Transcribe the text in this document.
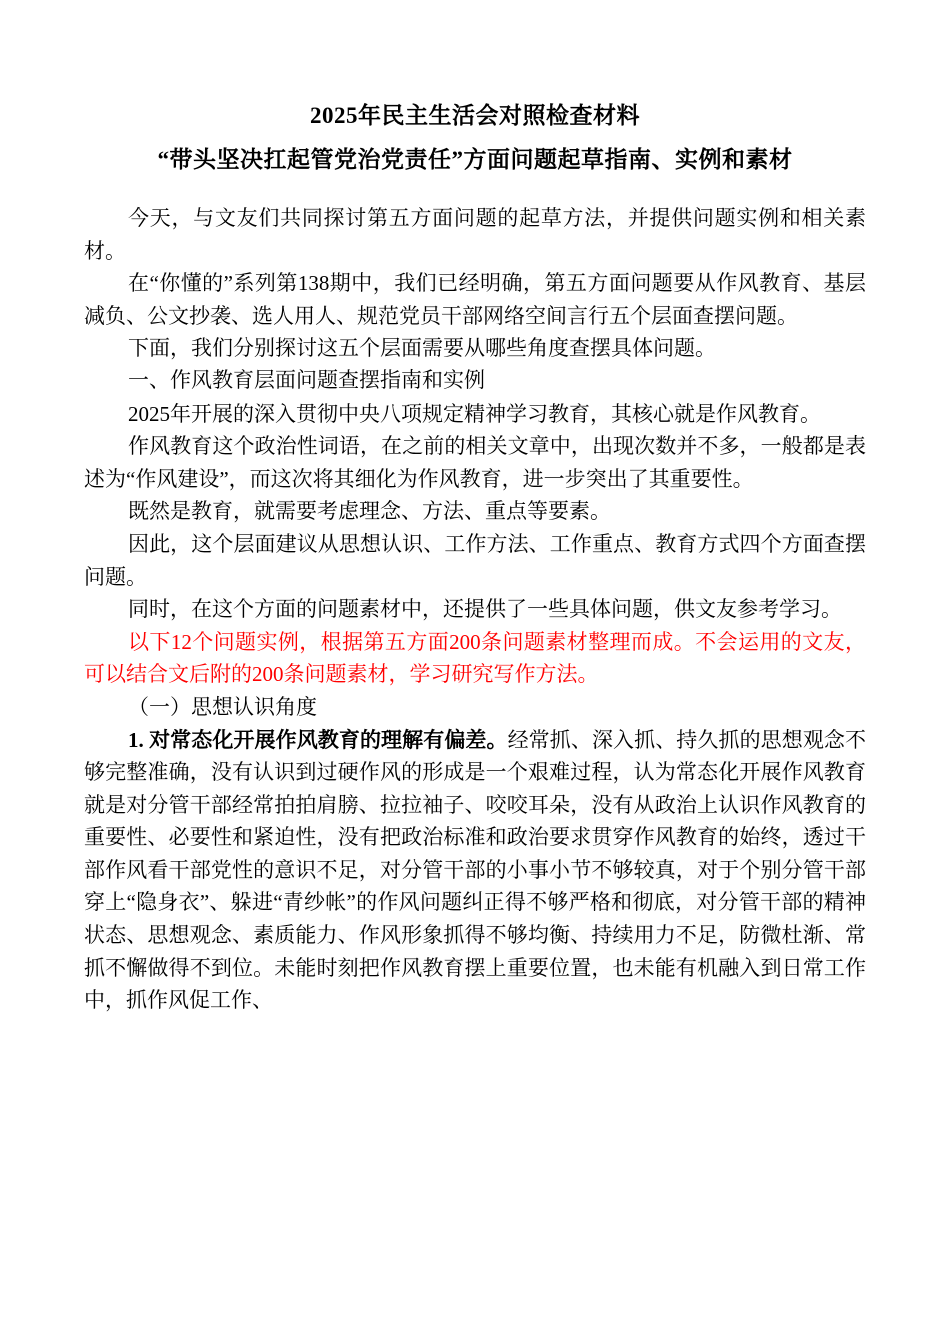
2025年民主生活会对照检查材料
“带头坚决扛起管党治党责任”方面问题起草指南、实例和素材

今天，与文友们共同探讨第五方面问题的起草方法，并提供问题实例和相关素材。

在“你懂的”系列第138期中，我们已经明确，第五方面问题要从作风教育、基层减负、公文抄袭、选人用人、规范党员干部网络空间言行五个层面查摆问题。

下面，我们分别探讨这五个层面需要从哪些角度查摆具体问题。

一、作风教育层面问题查摆指南和实例

2025年开展的深入贯彻中央八项规定精神学习教育，其核心就是作风教育。

作风教育这个政治性词语，在之前的相关文章中，出现次数并不多，一般都是表述为“作风建设”，而这次将其细化为作风教育，进一步突出了其重要性。

既然是教育，就需要考虑理念、方法、重点等要素。

因此，这个层面建议从思想认识、工作方法、工作重点、教育方式四个方面查摆问题。

同时，在这个方面的问题素材中，还提供了一些具体问题，供文友参考学习。

以下12个问题实例，根据第五方面200条问题素材整理而成。不会运用的文友，可以结合文后附的200条问题素材，学习研究写作方法。

（一）思想认识角度

1. 对常态化开展作风教育的理解有偏差。经常抓、深入抓、持久抓的思想观念不够完整准确，没有认识到过硬作风的形成是一个艰难过程，认为常态化开展作风教育就是对分管干部经常拍拍肩膀、拉拉袖子、咬咬耳朵，没有从政治上认识作风教育的重要性、必要性和紧迫性，没有把政治标准和政治要求贯穿作风教育的始终，透过干部作风看干部党性的意识不足，对分管干部的小事小节不够较真，对于个别分管干部穿上“隐身衣”、躲进“青纱帐”的作风问题纠正得不够严格和彻底，对分管干部的精神状态、思想观念、素质能力、作风形象抓得不够均衡、持续用力不足，防微杜渐、常抓不懈做得不到位。未能时刻把作风教育摆上重要位置，也未能有机融入到日常工作中，抓作风促工作、
